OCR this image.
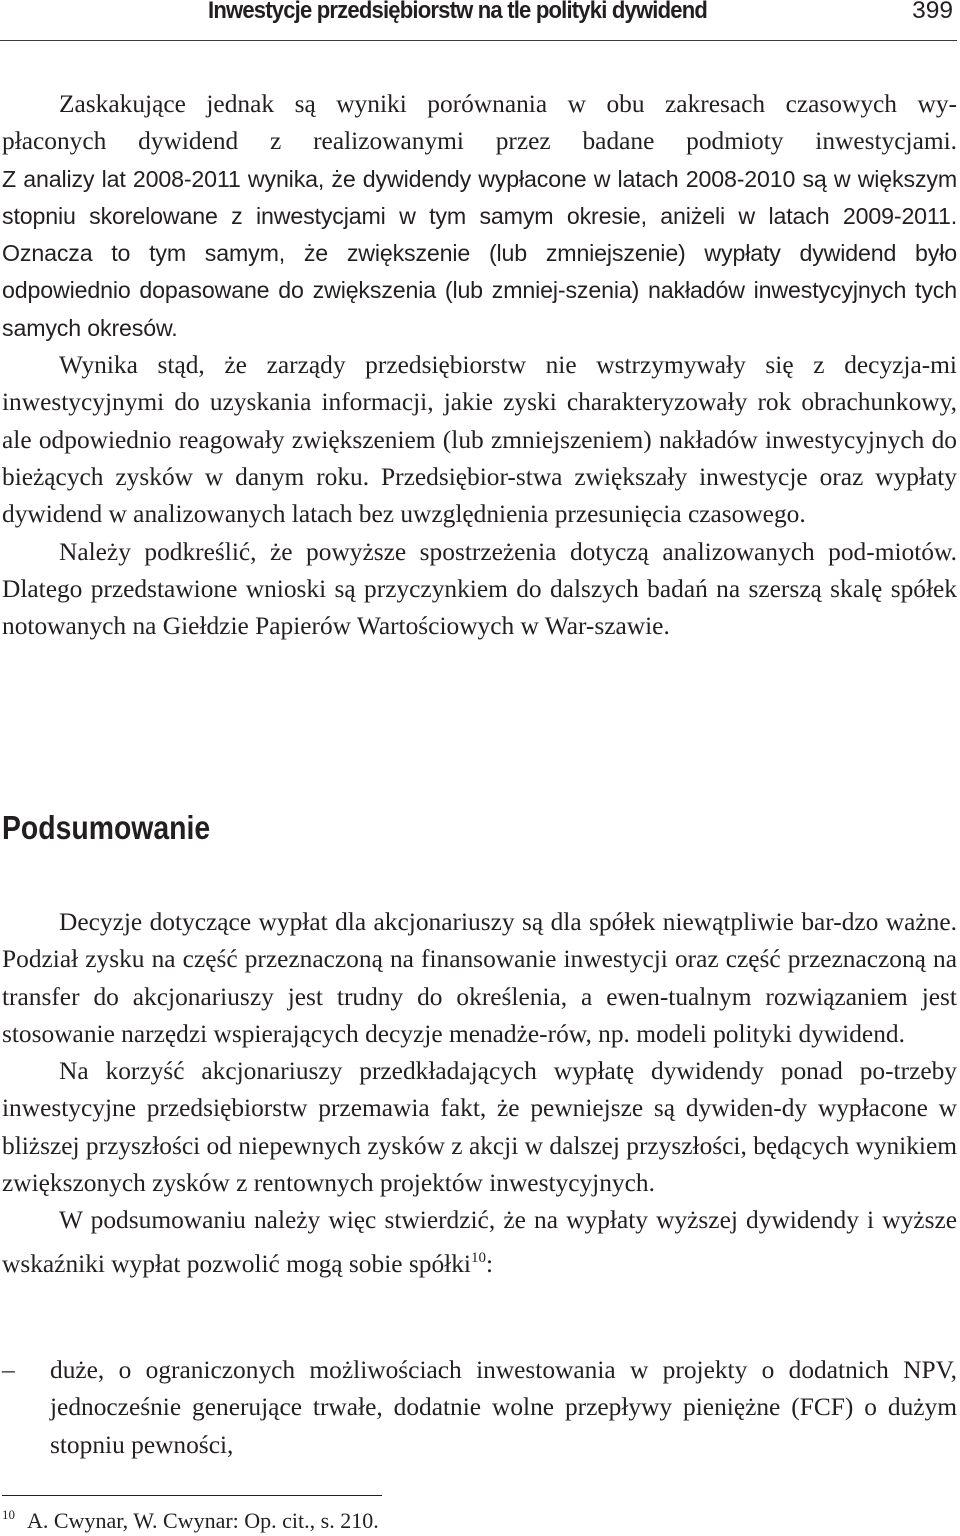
Inwestycje przedsiębiorstw na tle polityki dywidend	399

Zaskakujące jednak są wyniki porównania w obu zakresach czasowych wy-

płaconych dywidend z realizowanymi przez badane podmioty inwestycjami.
Z analizy lat 2008-2011 wynika, że dywidendy wypłacone w latach 2008-2010 są w większym stopniu skorelowane z inwestycjami w tym samym okresie, aniżeli w latach 2009-2011. Oznacza to tym samym, że zwiększenie (lub zmniejszenie) wypłaty dywidend było odpowiednio dopasowane do zwiększenia (lub zmniej-szenia) nakładów inwestycyjnych tych samych okresów.

Wynika stąd, że zarządy przedsiębiorstw nie wstrzymywały się z decyzja-mi inwestycyjnymi do uzyskania informacji, jakie zyski charakteryzowały rok obrachunkowy, ale odpowiednio reagowały zwiększeniem (lub zmniejszeniem) nakładów inwestycyjnych do bieżących zysków w danym roku. Przedsiębior-stwa zwiększały inwestycje oraz wypłaty dywidend w analizowanych latach bez uwzględnienia przesunięcia czasowego.

Należy podkreślić, że powyższe spostrzeżenia dotyczą analizowanych pod-miotów. Dlatego przedstawione wnioski są przyczynkiem do dalszych badań na szerszą skalę spółek notowanych na Giełdzie Papierów Wartościowych w War-szawie.

Podsumowanie

Decyzje dotyczące wypłat dla akcjonariuszy są dla spółek niewątpliwie bar-dzo ważne. Podział zysku na część przeznaczoną na finansowanie inwestycji oraz część przeznaczoną na transfer do akcjonariuszy jest trudny do określenia, a ewen-tualnym rozwiązaniem jest stosowanie narzędzi wspierających decyzje menadże-rów, np. modeli polityki dywidend.

Na korzyść akcjonariuszy przedkładających wypłatę dywidendy ponad po-trzeby inwestycyjne przedsiębiorstw przemawia fakt, że pewniejsze są dywiden-dy wypłacone w bliższej przyszłości od niepewnych zysków z akcji w dalszej przyszłości, będących wynikiem zwiększonych zysków z rentownych projektów inwestycyjnych.

W podsumowaniu należy więc stwierdzić, że na wypłaty wyższej dywidendy i wyższe wskaźniki wypłat pozwolić mogą sobie spółki$^{10}$:

– duże, o ograniczonych możliwościach inwestowania w projekty o dodatnich NPV, jednocześnie generujące trwałe, dodatnie wolne przepływy pieniężne (FCF) o dużym stopniu pewności,
$^{10}$ A. Cwynar, W. Cwynar: Op. cit., s. 210.
